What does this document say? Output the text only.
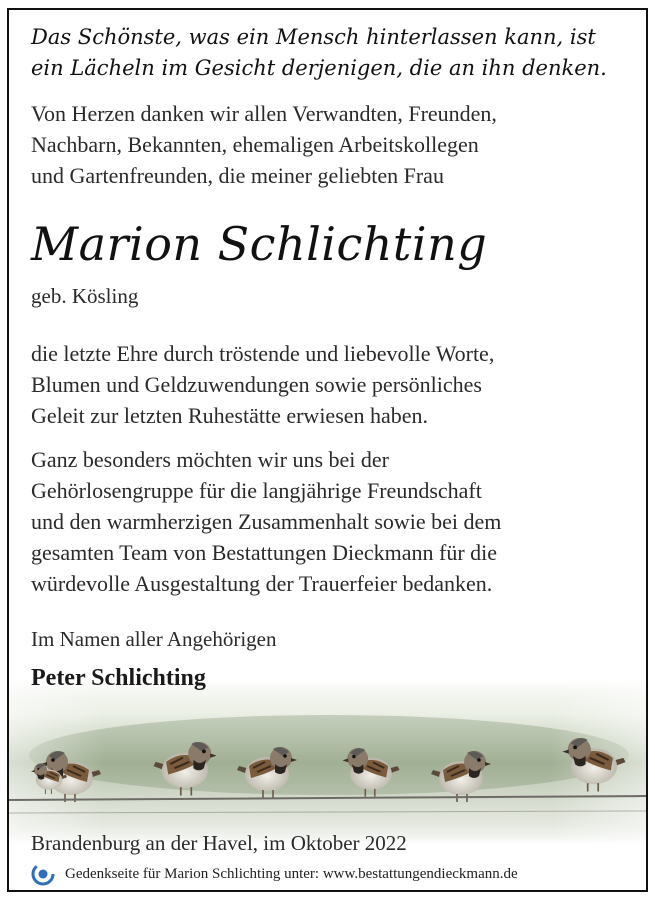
Das Schönste, was ein Mensch hinterlassen kann, ist
ein Lächeln im Gesicht derjenigen, die an ihn denken.

Von Herzen danken wir allen Verwandten, Freunden,
Nachbarn, Bekannten, ehemaligen Arbeitskollegen
und Gartenfreunden, die meiner geliebten Frau

Marion Schlichting

geb. Kösling

die letzte Ehre durch tröstende und liebevolle Worte,
Blumen und Geldzuwendungen sowie persönliches
Geleit zur letzten Ruhestätte erwiesen haben.

Ganz besonders möchten wir uns bei der
Gehörlosengruppe für die langjährige Freundschaft
und den warmherzigen Zusammenhalt sowie bei dem
gesamten Team von Bestattungen Dieckmann für die
würdevolle Ausgestaltung der Trauerfeier bedanken.

Im Namen aller Angehörigen

Peter Schlichting

Brandenburg an der Havel, im Oktober 2022

Gedenkseite für Marion Schlichting unter: www.bestattungendieckmann.de
